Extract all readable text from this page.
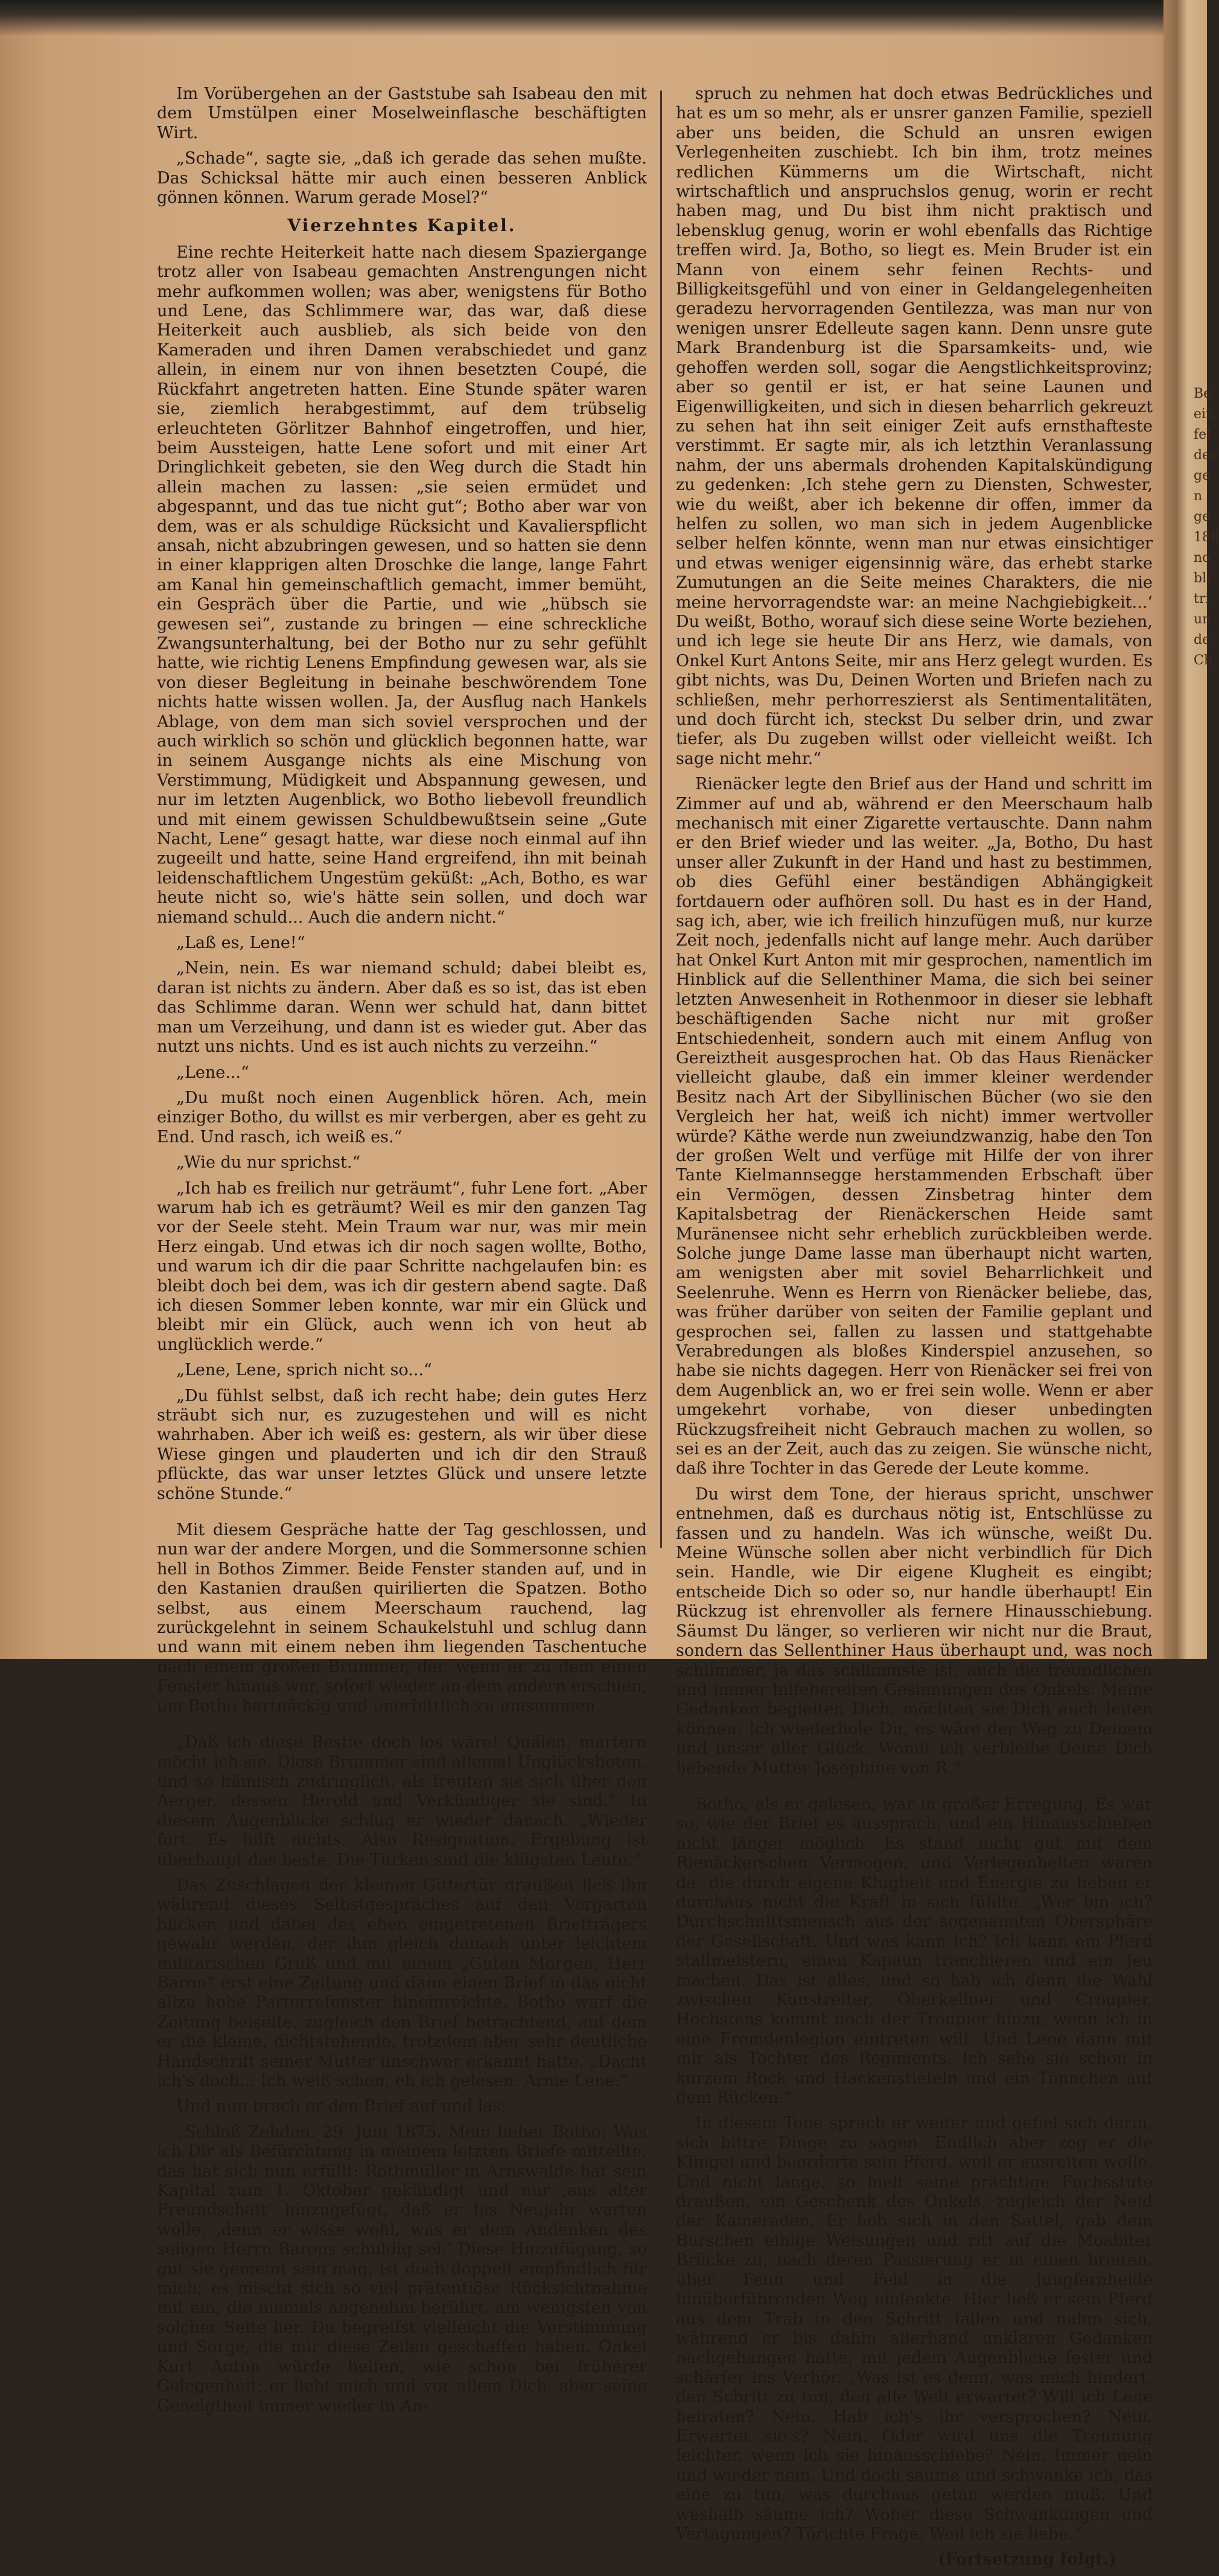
Im Vorübergehen an der Gaststube sah Isabeau den mit dem Umstülpen einer Moselweinflasche beschäftigten Wirt.

„Schade“, sagte sie, „daß ich gerade das sehen mußte. Das Schicksal hätte mir auch einen besseren Anblick gönnen können. Warum gerade Mosel?“

Vierzehntes Kapitel.

Eine rechte Heiterkeit hatte nach diesem Spaziergange trotz aller von Isabeau gemachten Anstrengungen nicht mehr aufkommen wollen; was aber, wenigstens für Botho und Lene, das Schlimmere war, das war, daß diese Heiterkeit auch ausblieb, als sich beide von den Kameraden und ihren Damen verabschiedet und ganz allein, in einem nur von ihnen besetzten Coupé, die Rückfahrt angetreten hatten. Eine Stunde später waren sie, ziemlich herabgestimmt, auf dem trübselig erleuchteten Görlitzer Bahnhof eingetroffen, und hier, beim Aussteigen, hatte Lene sofort und mit einer Art Dringlichkeit gebeten, sie den Weg durch die Stadt hin allein machen zu lassen: „sie seien ermüdet und abgespannt, und das tue nicht gut“; Botho aber war von dem, was er als schuldige Rücksicht und Kavalierspflicht ansah, nicht abzubringen gewesen, und so hatten sie denn in einer klapprigen alten Droschke die lange, lange Fahrt am Kanal hin gemeinschaftlich gemacht, immer bemüht, ein Gespräch über die Partie, und wie „hübsch sie gewesen sei“, zustande zu bringen — eine schreckliche Zwangsunterhaltung, bei der Botho nur zu sehr gefühlt hatte, wie richtig Lenens Empfindung gewesen war, als sie von dieser Begleitung in beinahe beschwörendem Tone nichts hatte wissen wollen. Ja, der Ausflug nach Hankels Ablage, von dem man sich soviel versprochen und der auch wirklich so schön und glücklich begonnen hatte, war in seinem Ausgange nichts als eine Mischung von Verstimmung, Müdigkeit und Abspannung gewesen, und nur im letzten Augenblick, wo Botho liebevoll freundlich und mit einem gewissen Schuldbewußtsein seine „Gute Nacht, Lene“ gesagt hatte, war diese noch einmal auf ihn zugeeilt und hatte, seine Hand ergreifend, ihn mit beinah leidenschaftlichem Ungestüm geküßt: „Ach, Botho, es war heute nicht so, wie's hätte sein sollen, und doch war niemand schuld... Auch die andern nicht.“

„Laß es, Lene!“

„Nein, nein. Es war niemand schuld; dabei bleibt es, daran ist nichts zu ändern. Aber daß es so ist, das ist eben das Schlimme daran. Wenn wer schuld hat, dann bittet man um Verzeihung, und dann ist es wieder gut. Aber das nutzt uns nichts. Und es ist auch nichts zu verzeihn.“

„Lene...“

„Du mußt noch einen Augenblick hören. Ach, mein einziger Botho, du willst es mir verbergen, aber es geht zu End. Und rasch, ich weiß es.“

„Wie du nur sprichst.“

„Ich hab es freilich nur geträumt“, fuhr Lene fort. „Aber warum hab ich es geträumt? Weil es mir den ganzen Tag vor der Seele steht. Mein Traum war nur, was mir mein Herz eingab. Und etwas ich dir noch sagen wollte, Botho, und warum ich dir die paar Schritte nachgelaufen bin: es bleibt doch bei dem, was ich dir gestern abend sagte. Daß ich diesen Sommer leben konnte, war mir ein Glück und bleibt mir ein Glück, auch wenn ich von heut ab unglücklich werde.“

„Lene, Lene, sprich nicht so...“

„Du fühlst selbst, daß ich recht habe; dein gutes Herz sträubt sich nur, es zuzugestehen und will es nicht wahrhaben. Aber ich weiß es: gestern, als wir über diese Wiese gingen und plauderten und ich dir den Strauß pflückte, das war unser letztes Glück und unsere letzte schöne Stunde.“

Mit diesem Gespräche hatte der Tag geschlossen, und nun war der andere Morgen, und die Sommersonne schien hell in Bothos Zimmer. Beide Fenster standen auf, und in den Kastanien draußen quirilierten die Spatzen. Botho selbst, aus einem Meerschaum rauchend, lag zurückgelehnt in seinem Schaukelstuhl und schlug dann und wann mit einem neben ihm liegenden Taschentuche nach einem großen Brummer, der, wenn er zu dem einen Fenster hinaus war, sofort wieder an dem andern erschien, um Botho hartnäckig und unerbittlich zu umsummen.

„Daß ich diese Bestie doch los wäre! Quälen, martern möcht ich sie. Diese Brummer sind allemal Unglücksboten, und so hämisch zudringlich, als freuten sie sich über den Aerger, dessen Herold und Verkündiger sie sind.“ In diesem Augenblicke schlug er wieder danach. „Wieder fort. Es hilft nichts. Also Resignation. Ergebung ist überhaupt das beste. Die Türken sind die klügsten Leute.“

Das Zuschlagen der kleinen Gittertür draußen ließ ihn während dieses Selbstgespräches auf den Vorgarten blicken und dabei des eben eingetretenen Briefträgers gewahr werden, der ihm gleich danach unter leichtem militärischen Gruß und mit einem „Guten Morgen, Herr Baron“ erst eine Zeitung und dann einen Brief in das nicht allzu hohe Parterrefenster hineinreichte. Botho warf die Zeitung beiseite, zugleich den Brief betrachtend, auf dem er die kleine, dichtstehende, trotzdem aber sehr deutliche Handschrift seiner Mutter unschwer erkannt hatte. „Dacht ich's doch... Ich weiß schon, eh ich gelesen. Arme Lene.“

Und nun brach er den Brief auf und las:

„Schloß Zehden. 29. Juni 1875. Mein lieber Botho: Was ich Dir als Befürchtung in meinem letzten Briefe mitteilte, das hat sich nun erfüllt: Rothmüller in Arnswalde hat sein Kapital zum 1. Oktober gekündigt und nur ‚aus alter Freundschaft‘ hinzugefügt, daß er bis Neujahr warten wolle, ‚denn er wisse wohl, was er dem Andenken des seligen Herrn Barons schuldig sei.‘ Diese Hinzufügung, so gut sie gemeint sein mag, ist doch doppelt empfindlich für mich; es mischt sich so viel prätentiöse Rücksichtnahme mit ein, die niemals angenehm berührt, am wenigsten von solcher Seite her. Du begreifst vielleicht die Verstimmung und Sorge, die mir diese Zeilen geschaffen haben. Onkel Kurt Anton würde helfen, wie schon bei früherer Gelegenheit; er liebt mich und vor allem Dich, aber seine Geneigtheit immer wieder in An-

spruch zu nehmen hat doch etwas Bedrückliches und hat es um so mehr, als er unsrer ganzen Familie, speziell aber uns beiden, die Schuld an unsren ewigen Verlegenheiten zuschiebt. Ich bin ihm, trotz meines redlichen Kümmerns um die Wirtschaft, nicht wirtschaftlich und anspruchslos genug, worin er recht haben mag, und Du bist ihm nicht praktisch und lebensklug genug, worin er wohl ebenfalls das Richtige treffen wird. Ja, Botho, so liegt es. Mein Bruder ist ein Mann von einem sehr feinen Rechts- und Billigkeitsgefühl und von einer in Geldangelegenheiten geradezu hervorragenden Gentilezza, was man nur von wenigen unsrer Edelleute sagen kann. Denn unsre gute Mark Brandenburg ist die Sparsamkeits- und, wie gehoffen werden soll, sogar die Aengstlichkeitsprovinz; aber so gentil er ist, er hat seine Launen und Eigenwilligkeiten, und sich in diesen beharrlich gekreuzt zu sehen hat ihn seit einiger Zeit aufs ernsthafteste verstimmt. Er sagte mir, als ich letzthin Veranlassung nahm, der uns abermals drohenden Kapitalskündigung zu gedenken: ‚Ich stehe gern zu Diensten, Schwester, wie du weißt, aber ich bekenne dir offen, immer da helfen zu sollen, wo man sich in jedem Augenblicke selber helfen könnte, wenn man nur etwas einsichtiger und etwas weniger eigensinnig wäre, das erhebt starke Zumutungen an die Seite meines Charakters, die nie meine hervorragendste war: an meine Nachgiebigkeit...‘ Du weißt, Botho, worauf sich diese seine Worte beziehen, und ich lege sie heute Dir ans Herz, wie damals, von Onkel Kurt Antons Seite, mir ans Herz gelegt wurden. Es gibt nichts, was Du, Deinen Worten und Briefen nach zu schließen, mehr perhorreszierst als Sentimentalitäten, und doch fürcht ich, steckst Du selber drin, und zwar tiefer, als Du zugeben willst oder vielleicht weißt. Ich sage nicht mehr.“

Rienäcker legte den Brief aus der Hand und schritt im Zimmer auf und ab, während er den Meerschaum halb mechanisch mit einer Zigarette vertauschte. Dann nahm er den Brief wieder und las weiter. „Ja, Botho, Du hast unser aller Zukunft in der Hand und hast zu bestimmen, ob dies Gefühl einer beständigen Abhängigkeit fortdauern oder aufhören soll. Du hast es in der Hand, sag ich, aber, wie ich freilich hinzufügen muß, nur kurze Zeit noch, jedenfalls nicht auf lange mehr. Auch darüber hat Onkel Kurt Anton mit mir gesprochen, namentlich im Hinblick auf die Sellenthiner Mama, die sich bei seiner letzten Anwesenheit in Rothenmoor in dieser sie lebhaft beschäftigenden Sache nicht nur mit großer Entschiedenheit, sondern auch mit einem Anflug von Gereiztheit ausgesprochen hat. Ob das Haus Rienäcker vielleicht glaube, daß ein immer kleiner werdender Besitz nach Art der Sibyllinischen Bücher (wo sie den Vergleich her hat, weiß ich nicht) immer wertvoller würde? Käthe werde nun zweiundzwanzig, habe den Ton der großen Welt und verfüge mit Hilfe der von ihrer Tante Kielmannsegge herstammenden Erbschaft über ein Vermögen, dessen Zinsbetrag hinter dem Kapitalsbetrag der Rienäckerschen Heide samt Muränensee nicht sehr erheblich zurückbleiben werde. Solche junge Dame lasse man überhaupt nicht warten, am wenigsten aber mit soviel Beharrlichkeit und Seelenruhe. Wenn es Herrn von Rienäcker beliebe, das, was früher darüber von seiten der Familie geplant und gesprochen sei, fallen zu lassen und stattgehabte Verabredungen als bloßes Kinderspiel anzusehen, so habe sie nichts dagegen. Herr von Rienäcker sei frei von dem Augenblick an, wo er frei sein wolle. Wenn er aber umgekehrt vorhabe, von dieser unbedingten Rückzugsfreiheit nicht Gebrauch machen zu wollen, so sei es an der Zeit, auch das zu zeigen. Sie wünsche nicht, daß ihre Tochter in das Gerede der Leute komme.

Du wirst dem Tone, der hieraus spricht, unschwer entnehmen, daß es durchaus nötig ist, Entschlüsse zu fassen und zu handeln. Was ich wünsche, weißt Du. Meine Wünsche sollen aber nicht verbindlich für Dich sein. Handle, wie Dir eigene Klugheit es eingibt; entscheide Dich so oder so, nur handle überhaupt! Ein Rückzug ist ehrenvoller als fernere Hinausschiebung. Säumst Du länger, so verlieren wir nicht nur die Braut, sondern das Sellenthiner Haus überhaupt und, was noch schlimmer, ja das schlimmste ist, auch die freundlichen und immer hilfebereiten Gesinnungen des Onkels. Meine Gedanken begleiten Dich, möchten sie Dich auch leiten können. Ich wiederhole Dir, es wäre der Weg zu Deinem und unser aller Glück. Womit ich verbleibe Deine Dich liebende Mutter Josephine von R.“

Botho, als er gelesen, war in großer Erregung. Es war so, wie der Brief es aussprach, und ein Hinausschieben nicht länger möglich. Es stand nicht gut mit dem Rienäckerschen Vermögen, und Verlegenheiten waren da, die durch eigene Klugheit und Energie zu heben er durchaus nicht die Kraft in sich fühlte. „Wer bin ich? Durchschnittsmensch aus der sogenannten Obersphäre der Gesellschaft. Und was kann ich? Ich kann ein Pferd stallmeistern, einen Kapaun tranchieren und ein Jeu machen. Das ist alles, und so hab ich denn die Wahl zwischen Kunstreiter, Oberkellner und Croupier. Höchstens kommt noch der Troupier hinzu, wenn ich in eine Fremdenlegion eintreten will. Und Lene dann mit mir als Tochter des Regiments. Ich sehe sie schon in kurzem Rock und Hackenstiefeln und ein Tönnchen auf dem Rücken.“

In diesem Tone sprach er weiter und gefiel sich darin, sich bittre Dinge zu sagen. Endlich aber zog er die Klingel und beorderte sein Pferd, weil er ausreiten wolle. Und nicht lange, so hielt seine prächtige Fuchsstute draußen, ein Geschenk des Onkels, zugleich der Neid der Kameraden. Er hob sich in den Sattel, gab dem Burschen einige Weisungen und ritt auf die Moabiter Brücke zu, nach deren Passierung er in einen breiten, über Fenn und Feld in die Jungfernheide hinüberführenden Weg einlenkte. Hier ließ er sein Pferd aus dem Trab in den Schritt fallen und nahm sich, während er bis dahin allerhand unklaren Gedanken nachgehangen hatte, mit jedem Augenblicke fester und schärfer ins Verhör. „Was ist es denn, was mich hindert, den Schritt zu tun, den alle Welt erwartet? Will ich Lene heiraten? Nein. Hab ich's ihr versprochen? Nein. Erwartet sie's? Nein. Oder wird uns die Trennung leichter, wenn ich sie hinausschiebe? Nein. Immer nein und wieder nein. Und doch säume und schwanke ich, das eine zu tun, was durchaus getan werden muß. Und weshalb säume ich? Woher diese Schwankungen und Vertagungen? Törichte Frage. Weil ich sie liebe.“

(Fortsetzung folgt.)

Be
ein
fel
der
ge
n
ge
188
no
bli
tri
un
de
Ch
